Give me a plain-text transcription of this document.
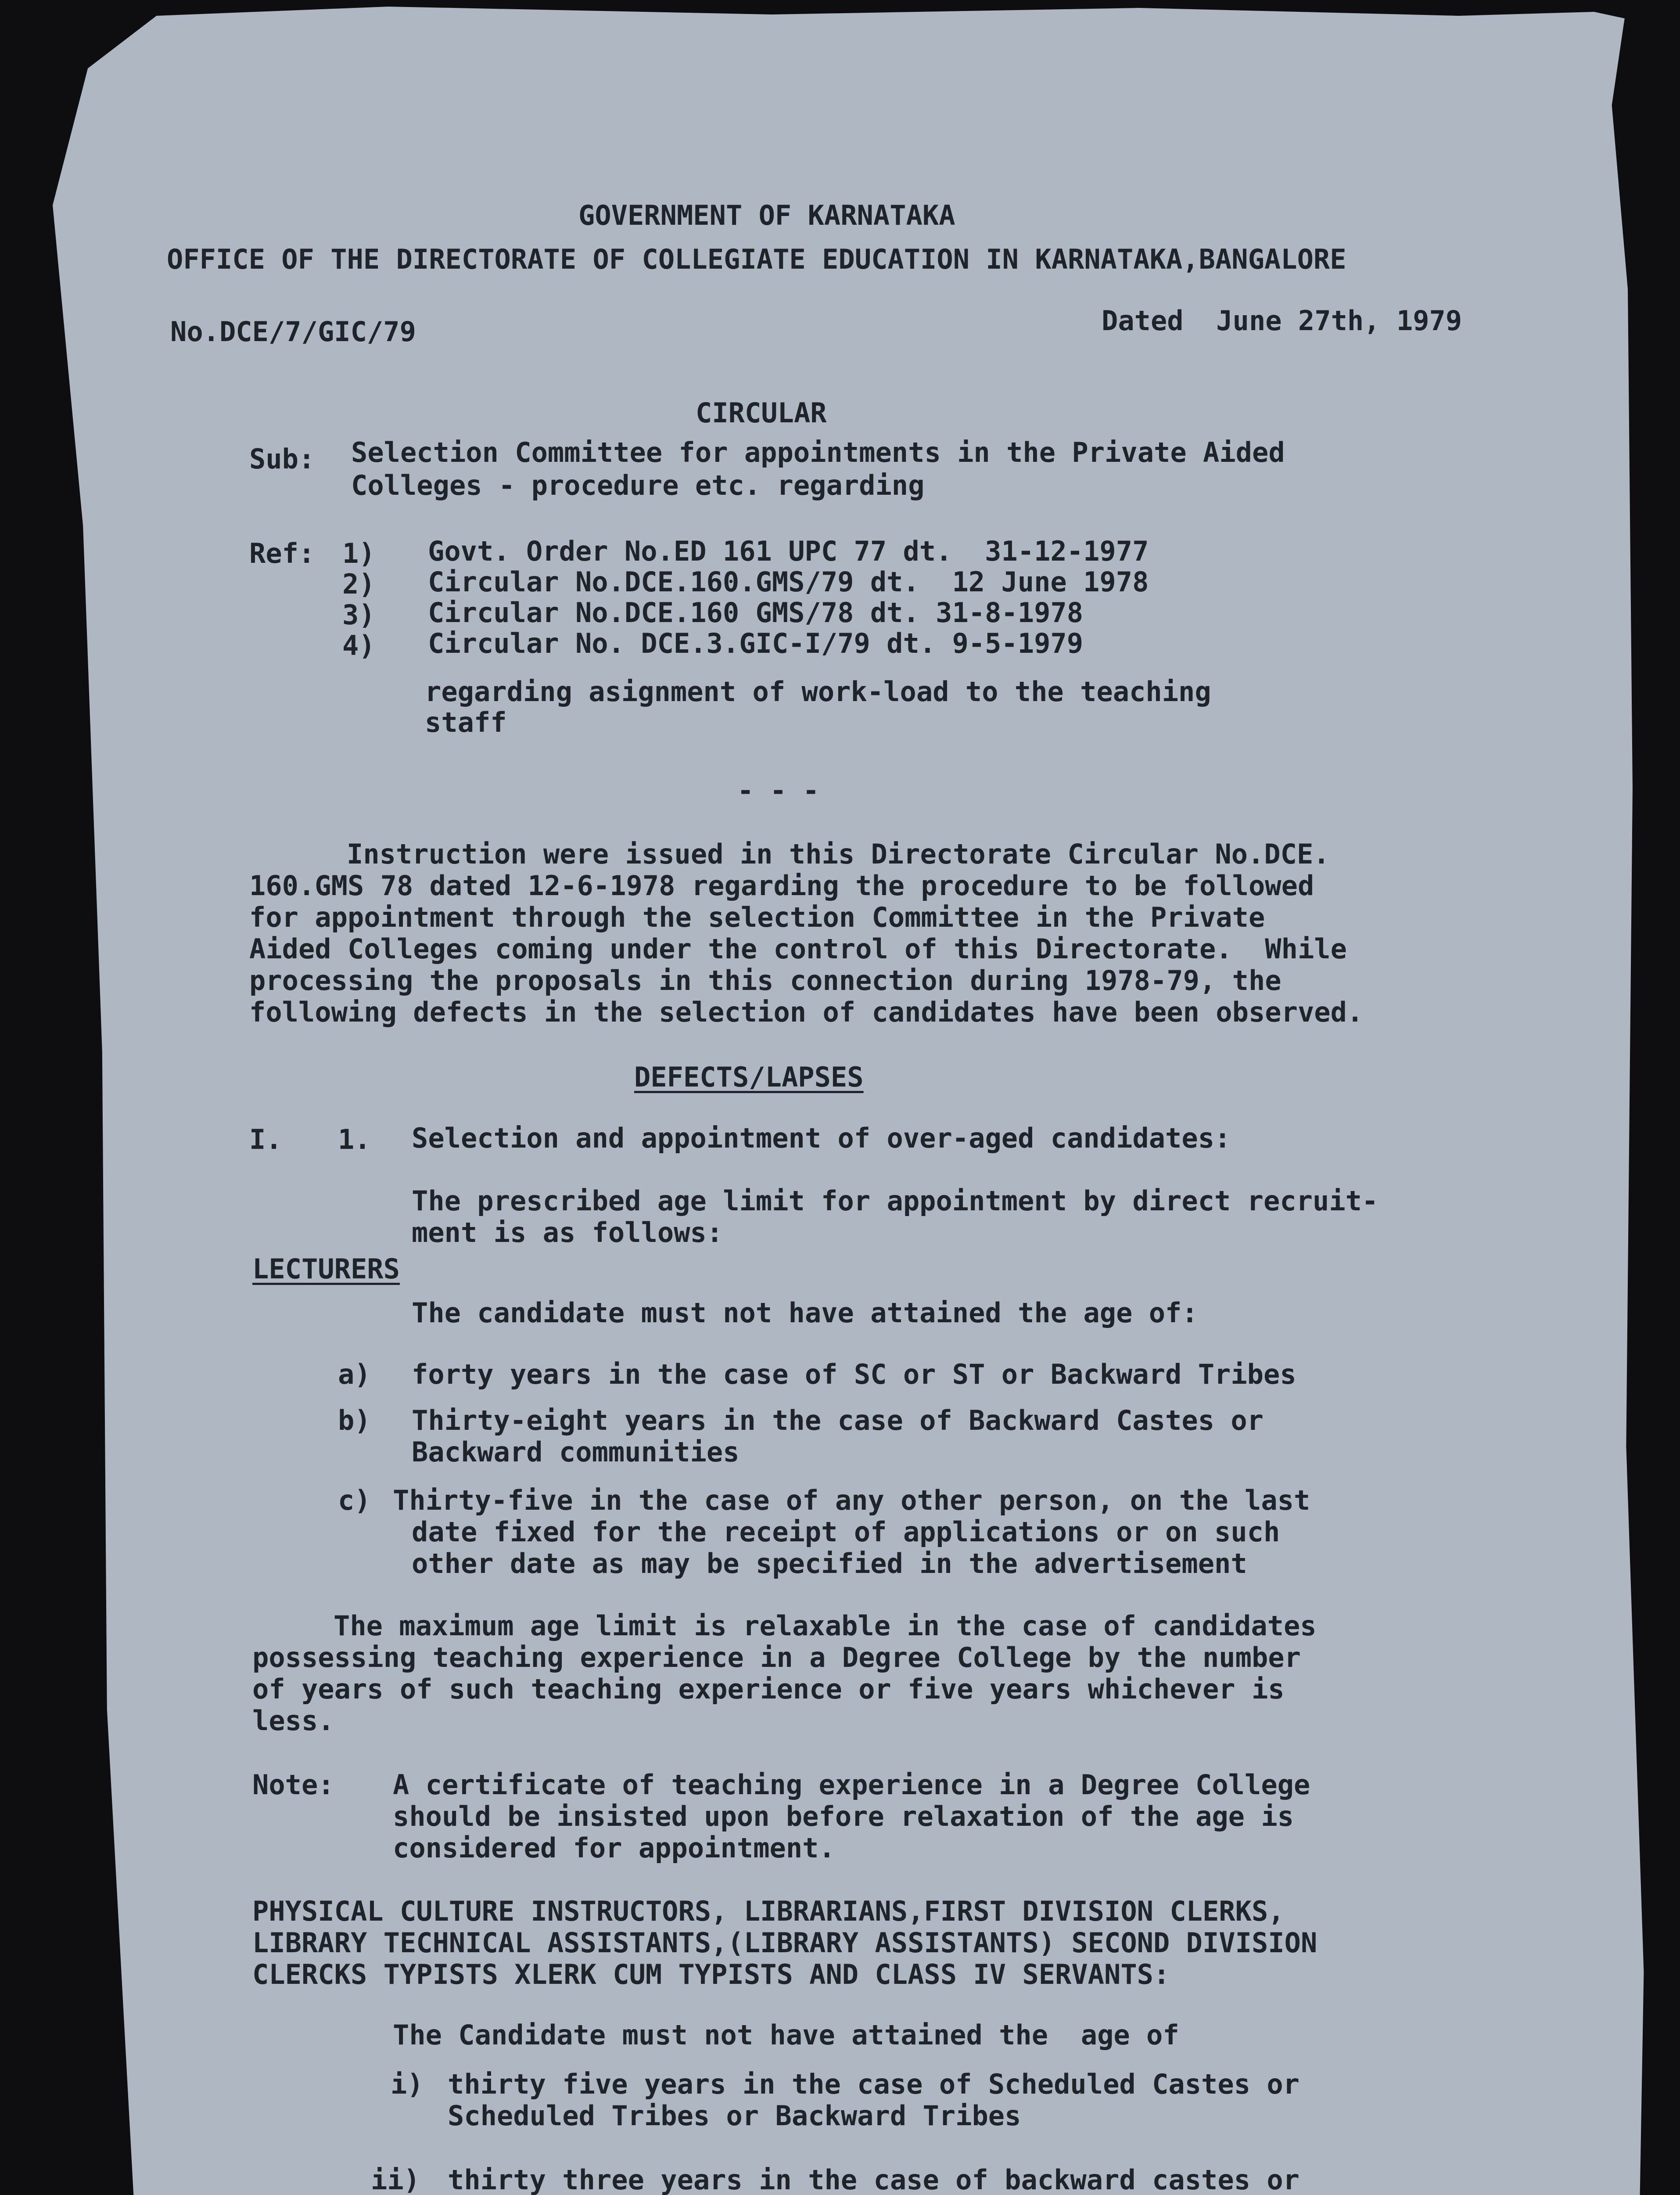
GOVERNMENT OF KARNATAKA

OFFICE OF THE DIRECTORATE OF COLLEGIATE EDUCATION IN KARNATAKA,BANGALORE

No.DCE/7/GIC/79	Dated  June 27th, 1979

CIRCULAR

Sub: Selection Committee for appointments in the Private Aided

Colleges - procedure etc. regarding

Ref: 1) Govt. Order No.ED 161 UPC 77 dt.  31-12-1977

2) Circular No.DCE.160.GMS/79 dt.  12 June 1978

3) Circular No.DCE.160 GMS/78 dt. 31-8-1978

4) Circular No. DCE.3.GIC-I/79 dt. 9-5-1979

regarding asignment of work-load to the teaching

staff

- - -

Instruction were issued in this Directorate Circular No.DCE.

160.GMS 78 dated 12-6-1978 regarding the procedure to be followed

for appointment through the selection Committee in the Private

Aided Colleges coming under the control of this Directorate.  While

processing the proposals in this connection during 1978-79, the

following defects in the selection of candidates have been observed.

DEFECTS/LAPSES

I. 1. Selection and appointment of over-aged candidates:

The prescribed age limit for appointment by direct recruit-

ment is as follows:

LECTURERS

The candidate must not have attained the age of:

a) forty years in the case of SC or ST or Backward Tribes

b) Thirty-eight years in the case of Backward Castes or

Backward communities

c) Thirty-five in the case of any other person, on the last

date fixed for the receipt of applications or on such

other date as may be specified in the advertisement

The maximum age limit is relaxable in the case of candidates

possessing teaching experience in a Degree College by the number

of years of such teaching experience or five years whichever is

less.

Note: A certificate of teaching experience in a Degree College

should be insisted upon before relaxation of the age is

considered for appointment.

PHYSICAL CULTURE INSTRUCTORS, LIBRARIANS,FIRST DIVISION CLERKS,

LIBRARY TECHNICAL ASSISTANTS,(LIBRARY ASSISTANTS) SECOND DIVISION

CLERCKS TYPISTS XLERK CUM TYPISTS AND CLASS IV SERVANTS:

The Candidate must not have attained the  age of

i) thirty five years in the case of Scheduled Castes or

Scheduled Tribes or Backward Tribes

ii) thirty three years in the case of backward castes or
